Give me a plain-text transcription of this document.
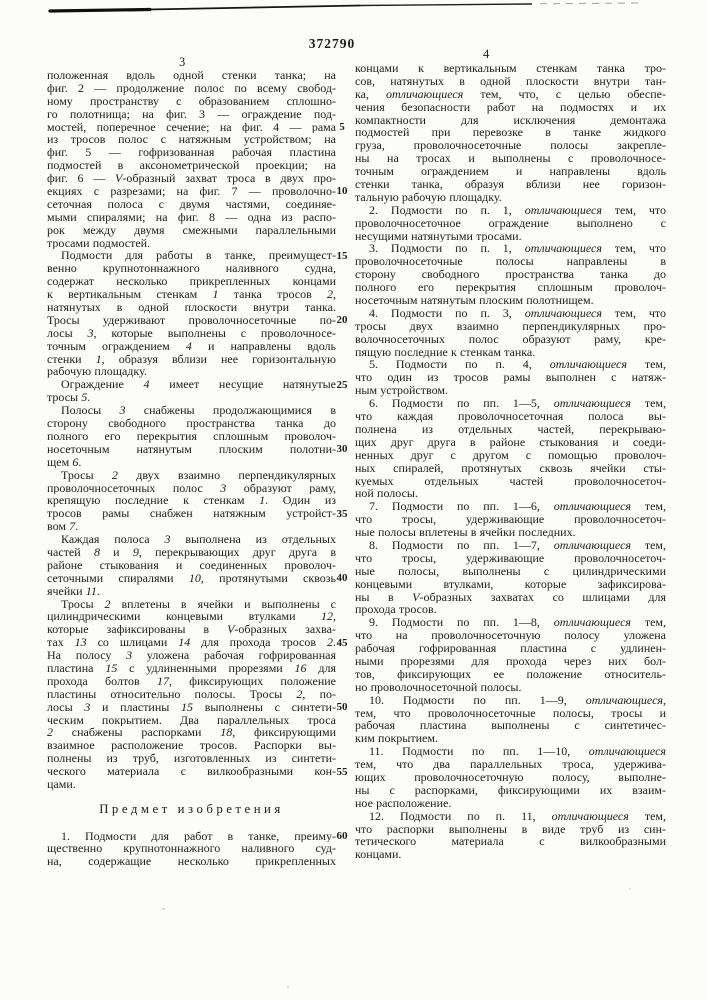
372790
3
4
положенная вдоль одной стенки танка; на
фиг. 2 — продолжение полос по всему свобод-
ному пространству с образованием сплошно-
го полотнища; на фиг. 3 — ограждение под-
мостей, поперечное сечение; на фиг. 4 — рама
из тросов полос с натяжным устройством; на
фиг. 5 — гофризованная рабочая пластина
подмостей в аксонометрической проекции; на
фиг. 6 — V-образный захват троса в двух про-
екциях с разрезами; на фиг. 7 — проволочно-
сеточная полоса с двумя частями, соединяе-
мыми спиралями; на фиг. 8 — одна из распо-
рок между двумя смежными параллельными
тросами подмостей.
Подмости для работы в танке, преимущест-
венно крупнотоннажного наливного судна,
содержат несколько прикрепленных концами
к вертикальным стенкам 1 танка тросов 2,
натянутых в одной плоскости внутри танка.
Тросы удерживают проволочносеточные по-
лосы 3, которые выполнены с проволочносе-
точным ограждением 4 и направлены вдоль
стенки 1, образуя вблизи нее горизонтальную
рабочую площадку.
Ограждение 4 имеет несущие натянутые
тросы 5.
Полосы 3 снабжены продолжающимися в
сторону свободного пространства танка до
полного его перекрытия сплошным проволоч-
носеточным натянутым плоским полотни-
щем 6.
Тросы 2 двух взаимно перпендикулярных
проволочносеточных полос 3 образуют раму,
крепящую последние к стенкам 1. Один из
тросов рамы снабжен натяжным устройст-
вом 7.
Каждая полоса 3 выполнена из отдельных
частей 8 и 9, перекрывающих друг друга в
районе стыкования и соединенных проволоч-
сеточными спиралями 10, протянутыми сквозь
ячейки 11.
Тросы 2 вплетены в ячейки и выполнены с
цилиндрическими концевыми втулками 12,
которые зафиксированы в V-образных захва-
тах 13 со шлицами 14 для прохода тросов 2.
На полосу 3 уложена рабочая гофрированная
пластина 15 с удлиненными прорезями 16 для
прохода болтов 17, фиксирующих положение
пластины относительно полосы. Тросы 2, по-
лосы 3 и пластины 15 выполнены с синтети-
ческим покрытием. Два параллельных троса
2 снабжены распорками 18, фиксирующими
взаимное расположение тросов. Распорки вы-
полнены из труб, изготовленных из синтети-
ческого материала с вилкообразными кон-
цами.
Предмет изобретения
1. Подмости для работ в танке, преиму-
щественно крупнотоннажного наливного суд-
на, содержащие несколько прикрепленных
5
10
15
20
25
30
35
40
45
50
55
60
концами к вертикальным стенкам танка тро-
сов, натянутых в одной плоскости внутри тан-
ка, отличающиеся тем, что, с целью обеспе-
чения безопасности работ на подмостях и их
компактности для исключения демонтажа
подмостей при перевозке в танке жидкого
груза, проволочносеточные полосы закрепле-
ны на тросах и выполнены с проволочносе-
точным ограждением и направлены вдоль
стенки танка, образуя вблизи нее горизон-
тальную рабочую площадку.
2. Подмости по п. 1, отличающиеся тем, что
проволочносеточное ограждение выполнено с
несущими натянутыми тросами.
3. Подмости по п. 1, отличающиеся тем, что
проволочносеточные полосы направлены в
сторону свободного пространства танка до
полного его перекрытия сплошным проволоч-
носеточным натянутым плоским полотнищем.
4. Подмости по п. 3, отличающиеся тем, что
тросы двух взаимно перпендикулярных про-
волочносеточных полос образуют раму, кре-
пящую последние к стенкам танка.
5. Подмости по п. 4, отличающиеся тем,
что один из тросов рамы выполнен с натяж-
ным устройством.
6. Подмости по пп. 1—5, отличающиеся тем,
что каждая проволочносеточная полоса вы-
полнена из отдельных частей, перекрываю-
щих друг друга в районе стыкования и соеди-
ненных друг с другом с помощью проволоч-
ных спиралей, протянутых сквозь ячейки сты-
куемых отдельных частей проволочносеточ-
ной полосы.
7. Подмости по пп. 1—6, отличающиеся тем,
что тросы, удерживающие проволочносеточ-
ные полосы вплетены в ячейки последних.
8. Подмости по пп. 1—7, отличающиеся тем,
что тросы, удерживающие проволочносеточ-
ные полосы, выполнены с цилиндрическими
концевыми втулками, которые зафиксирова-
ны в V-образных захватах со шлицами для
прохода тросов.
9. Подмости по пп. 1—8, отличающиеся тем,
что на проволочносеточную полосу уложена
рабочая гофрированная пластина с удлинен-
ными прорезями для прохода через них бол-
тов, фиксирующих ее положение относитель-
но проволочносеточной полосы.
10. Подмости по пп. 1—9, отличающиеся,
тем, что проволочносеточные полосы, тросы и
рабочая пластина выполнены с синтетичес-
ким покрытием.
11. Подмости по пп. 1—10, отличающиеся
тем, что два параллельных троса, удержива-
ющих проволочносеточную полосу, выполне-
ны с распорками, фиксирующими их взаим-
ное расположение.
12. Подмости по п. 11, отличающиеся тем,
что распорки выполнены в виде труб из син-
тетического материала с вилкообразными
концами.
